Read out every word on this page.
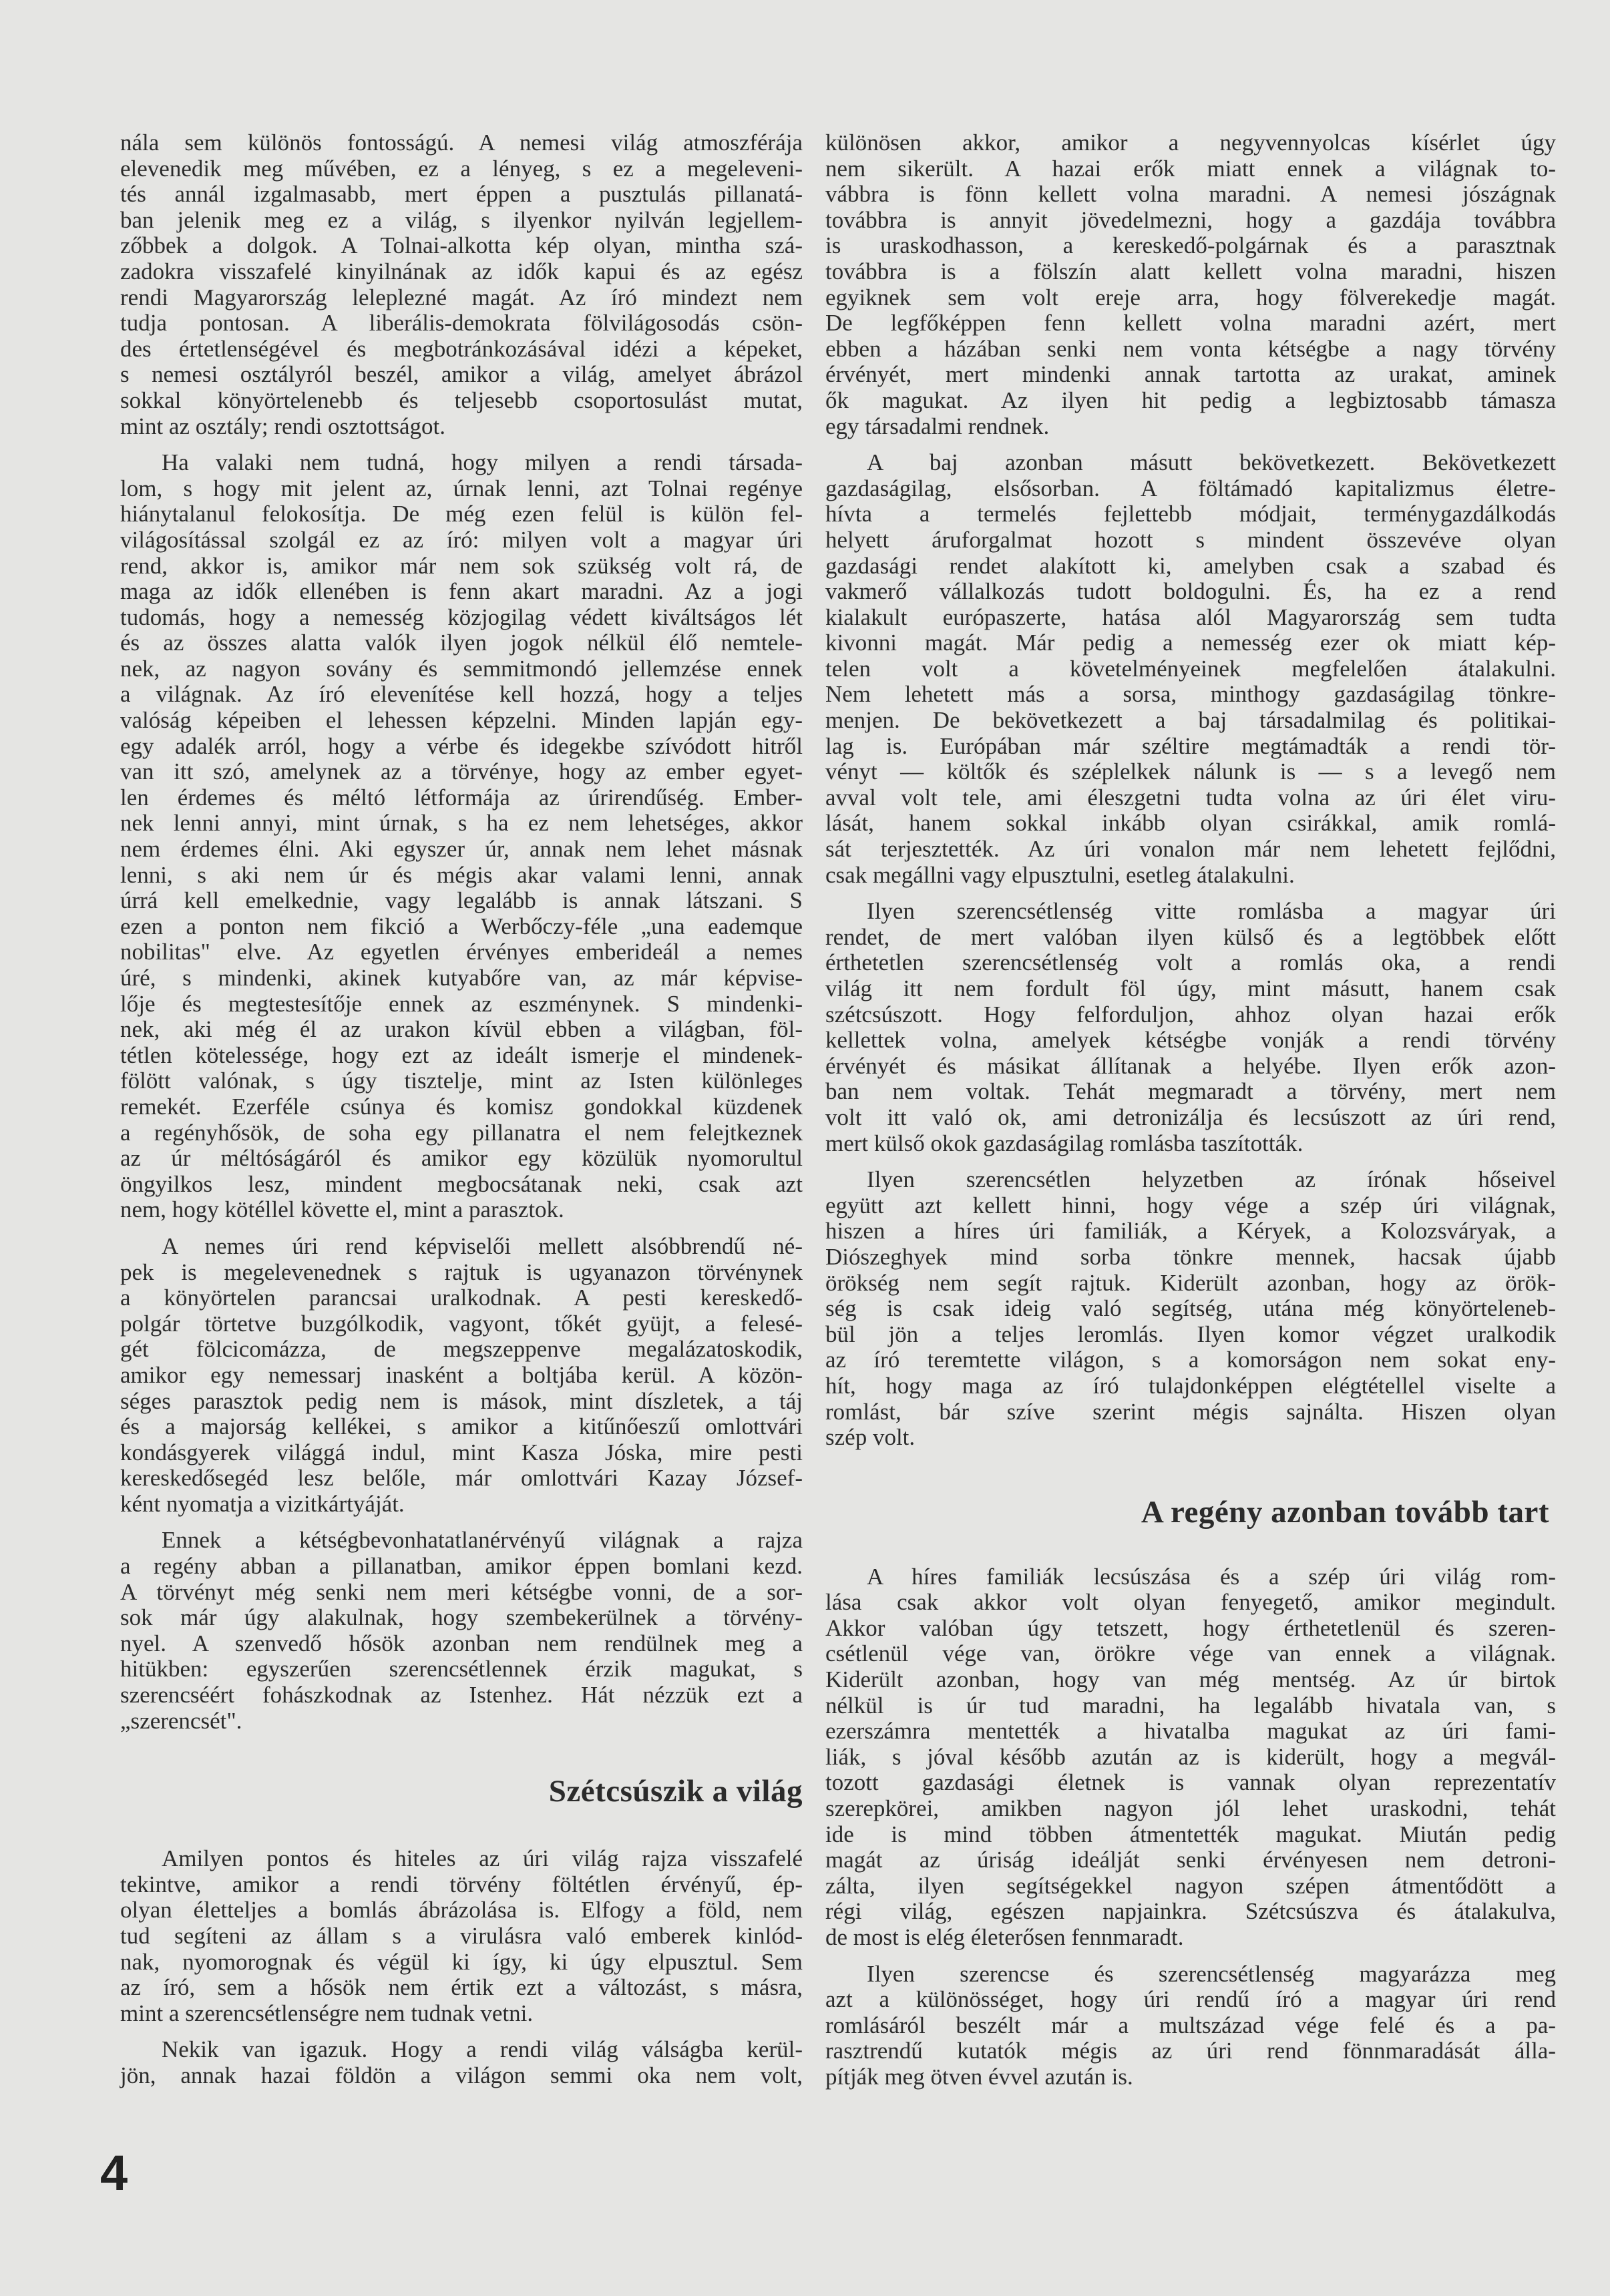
nála sem különös fontosságú. A nemesi világ atmoszférája
elevenedik meg művében, ez a lényeg, s ez a megeleveni-
tés annál izgalmasabb, mert éppen a pusztulás pillanatá-
ban jelenik meg ez a világ, s ilyenkor nyilván legjellem-
zőbbek a dolgok. A Tolnai-alkotta kép olyan, mintha szá-
zadokra visszafelé kinyilnának az idők kapui és az egész
rendi Magyarország leleplezné magát. Az író mindezt nem
tudja pontosan. A liberális-demokrata fölvilágosodás csön-
des értetlenségével és megbotránkozásával idézi a képeket,
s nemesi osztályról beszél, amikor a világ, amelyet ábrázol
sokkal könyörtelenebb és teljesebb csoportosulást mutat,
mint az osztály; rendi osztottságot.
Ha valaki nem tudná, hogy milyen a rendi társada-
lom, s hogy mit jelent az, úrnak lenni, azt Tolnai regénye
hiánytalanul felokosítja. De még ezen felül is külön fel-
világosítással szolgál ez az író: milyen volt a magyar úri
rend, akkor is, amikor már nem sok szükség volt rá, de
maga az idők ellenében is fenn akart maradni. Az a jogi
tudomás, hogy a nemesség közjogilag védett kiváltságos lét
és az összes alatta valók ilyen jogok nélkül élő nemtele-
nek, az nagyon sovány és semmitmondó jellemzése ennek
a világnak. Az író elevenítése kell hozzá, hogy a teljes
valóság képeiben el lehessen képzelni. Minden lapján egy-
egy adalék arról, hogy a vérbe és idegekbe szívódott hitről
van itt szó, amelynek az a törvénye, hogy az ember egyet-
len érdemes és méltó létformája az úrirendűség. Ember-
nek lenni annyi, mint úrnak, s ha ez nem lehetséges, akkor
nem érdemes élni. Aki egyszer úr, annak nem lehet másnak
lenni, s aki nem úr és mégis akar valami lenni, annak
úrrá kell emelkednie, vagy legalább is annak látszani. S
ezen a ponton nem fikció a Werbőczy-féle „una eademque
nobilitas" elve. Az egyetlen érvényes emberideál a nemes
úré, s mindenki, akinek kutyabőre van, az már képvise-
lője és megtestesítője ennek az eszménynek. S mindenki-
nek, aki még él az urakon kívül ebben a világban, föl-
tétlen kötelessége, hogy ezt az ideált ismerje el mindenek-
fölött valónak, s úgy tisztelje, mint az Isten különleges
remekét. Ezerféle csúnya és komisz gondokkal küzdenek
a regényhősök, de soha egy pillanatra el nem felejtkeznek
az úr méltóságáról és amikor egy közülük nyomorultul
öngyilkos lesz, mindent megbocsátanak neki, csak azt
nem, hogy kötéllel követte el, mint a parasztok.
A nemes úri rend képviselői mellett alsóbbrendű né-
pek is megelevenednek s rajtuk is ugyanazon törvénynek
a könyörtelen parancsai uralkodnak. A pesti kereskedő-
polgár törtetve buzgólkodik, vagyont, tőkét gyüjt, a felesé-
gét fölcicomázza, de megszeppenve megalázatoskodik,
amikor egy nemessarj inasként a boltjába kerül. A közön-
séges parasztok pedig nem is mások, mint díszletek, a táj
és a majorság kellékei, s amikor a kitűnőeszű omlottvári
kondásgyerek világgá indul, mint Kasza Jóska, mire pesti
kereskedősegéd lesz belőle, már omlottvári Kazay József-
ként nyomatja a vizitkártyáját.
Ennek a kétségbevonhatatlanérvényű világnak a rajza
a regény abban a pillanatban, amikor éppen bomlani kezd.
A törvényt még senki nem meri kétségbe vonni, de a sor-
sok már úgy alakulnak, hogy szembekerülnek a törvény-
nyel. A szenvedő hősök azonban nem rendülnek meg a
hitükben: egyszerűen szerencsétlennek érzik magukat, s
szerencséért fohászkodnak az Istenhez. Hát nézzük ezt a
„szerencsét".
Szétcsúszik a világ
Amilyen pontos és hiteles az úri világ rajza visszafelé
tekintve, amikor a rendi törvény föltétlen érvényű, ép-
olyan életteljes a bomlás ábrázolása is. Elfogy a föld, nem
tud segíteni az állam s a virulásra való emberek kinlód-
nak, nyomorognak és végül ki így, ki úgy elpusztul. Sem
az író, sem a hősök nem értik ezt a változást, s másra,
mint a szerencsétlenségre nem tudnak vetni.
Nekik van igazuk. Hogy a rendi világ válságba kerül-
jön, annak hazai földön a világon semmi oka nem volt,
különösen akkor, amikor a negyvennyolcas kísérlet úgy
nem sikerült. A hazai erők miatt ennek a világnak to-
vábbra is fönn kellett volna maradni. A nemesi jószágnak
továbbra is annyit jövedelmezni, hogy a gazdája továbbra
is uraskodhasson, a kereskedő-polgárnak és a parasztnak
továbbra is a fölszín alatt kellett volna maradni, hiszen
egyiknek sem volt ereje arra, hogy fölverekedje magát.
De legfőképpen fenn kellett volna maradni azért, mert
ebben a házában senki nem vonta kétségbe a nagy törvény
érvényét, mert mindenki annak tartotta az urakat, aminek
ők magukat. Az ilyen hit pedig a legbiztosabb támasza
egy társadalmi rendnek.
A baj azonban másutt bekövetkezett. Bekövetkezett
gazdaságilag, elsősorban. A föltámadó kapitalizmus életre-
hívta a termelés fejlettebb módjait, terménygazdálkodás
helyett áruforgalmat hozott s mindent összevéve olyan
gazdasági rendet alakított ki, amelyben csak a szabad és
vakmerő vállalkozás tudott boldogulni. És, ha ez a rend
kialakult európaszerte, hatása alól Magyarország sem tudta
kivonni magát. Már pedig a nemesség ezer ok miatt kép-
telen volt a követelményeinek megfelelően átalakulni.
Nem lehetett más a sorsa, minthogy gazdaságilag tönkre-
menjen. De bekövetkezett a baj társadalmilag és politikai-
lag is. Európában már széltire megtámadták a rendi tör-
vényt — költők és széplelkek nálunk is — s a levegő nem
avval volt tele, ami éleszgetni tudta volna az úri élet viru-
lását, hanem sokkal inkább olyan csirákkal, amik romlá-
sát terjesztették. Az úri vonalon már nem lehetett fejlődni,
csak megállni vagy elpusztulni, esetleg átalakulni.
Ilyen szerencsétlenség vitte romlásba a magyar úri
rendet, de mert valóban ilyen külső és a legtöbbek előtt
érthetetlen szerencsétlenség volt a romlás oka, a rendi
világ itt nem fordult föl úgy, mint másutt, hanem csak
szétcsúszott. Hogy felforduljon, ahhoz olyan hazai erők
kellettek volna, amelyek kétségbe vonják a rendi törvény
érvényét és másikat állítanak a helyébe. Ilyen erők azon-
ban nem voltak. Tehát megmaradt a törvény, mert nem
volt itt való ok, ami detronizálja és lecsúszott az úri rend,
mert külső okok gazdaságilag romlásba taszították.
Ilyen szerencsétlen helyzetben az írónak hőseivel
együtt azt kellett hinni, hogy vége a szép úri világnak,
hiszen a híres úri familiák, a Kéryek, a Kolozsváryak, a
Diószeghyek mind sorba tönkre mennek, hacsak újabb
örökség nem segít rajtuk. Kiderült azonban, hogy az örök-
ség is csak ideig való segítség, utána még könyörteleneb-
bül jön a teljes leromlás. Ilyen komor végzet uralkodik
az író teremtette világon, s a komorságon nem sokat eny-
hít, hogy maga az író tulajdonképpen elégtétellel viselte a
romlást, bár szíve szerint mégis sajnálta. Hiszen olyan
szép volt.
A regény azonban tovább tart
A híres familiák lecsúszása és a szép úri világ rom-
lása csak akkor volt olyan fenyegető, amikor megindult.
Akkor valóban úgy tetszett, hogy érthetetlenül és szeren-
csétlenül vége van, örökre vége van ennek a világnak.
Kiderült azonban, hogy van még mentség. Az úr birtok
nélkül is úr tud maradni, ha legalább hivatala van, s
ezerszámra mentették a hivatalba magukat az úri fami-
liák, s jóval később azután az is kiderült, hogy a megvál-
tozott gazdasági életnek is vannak olyan reprezentatív
szerepkörei, amikben nagyon jól lehet uraskodni, tehát
ide is mind többen átmentették magukat. Miután pedig
magát az úriság ideálját senki érvényesen nem detroni-
zálta, ilyen segítségekkel nagyon szépen átmentődött a
régi világ, egészen napjainkra. Szétcsúszva és átalakulva,
de most is elég életerősen fennmaradt.
Ilyen szerencse és szerencsétlenség magyarázza meg
azt a különösséget, hogy úri rendű író a magyar úri rend
romlásáról beszélt már a multszázad vége felé és a pa-
rasztrendű kutatók mégis az úri rend fönnmaradását álla-
pítják meg ötven évvel azután is.
4
